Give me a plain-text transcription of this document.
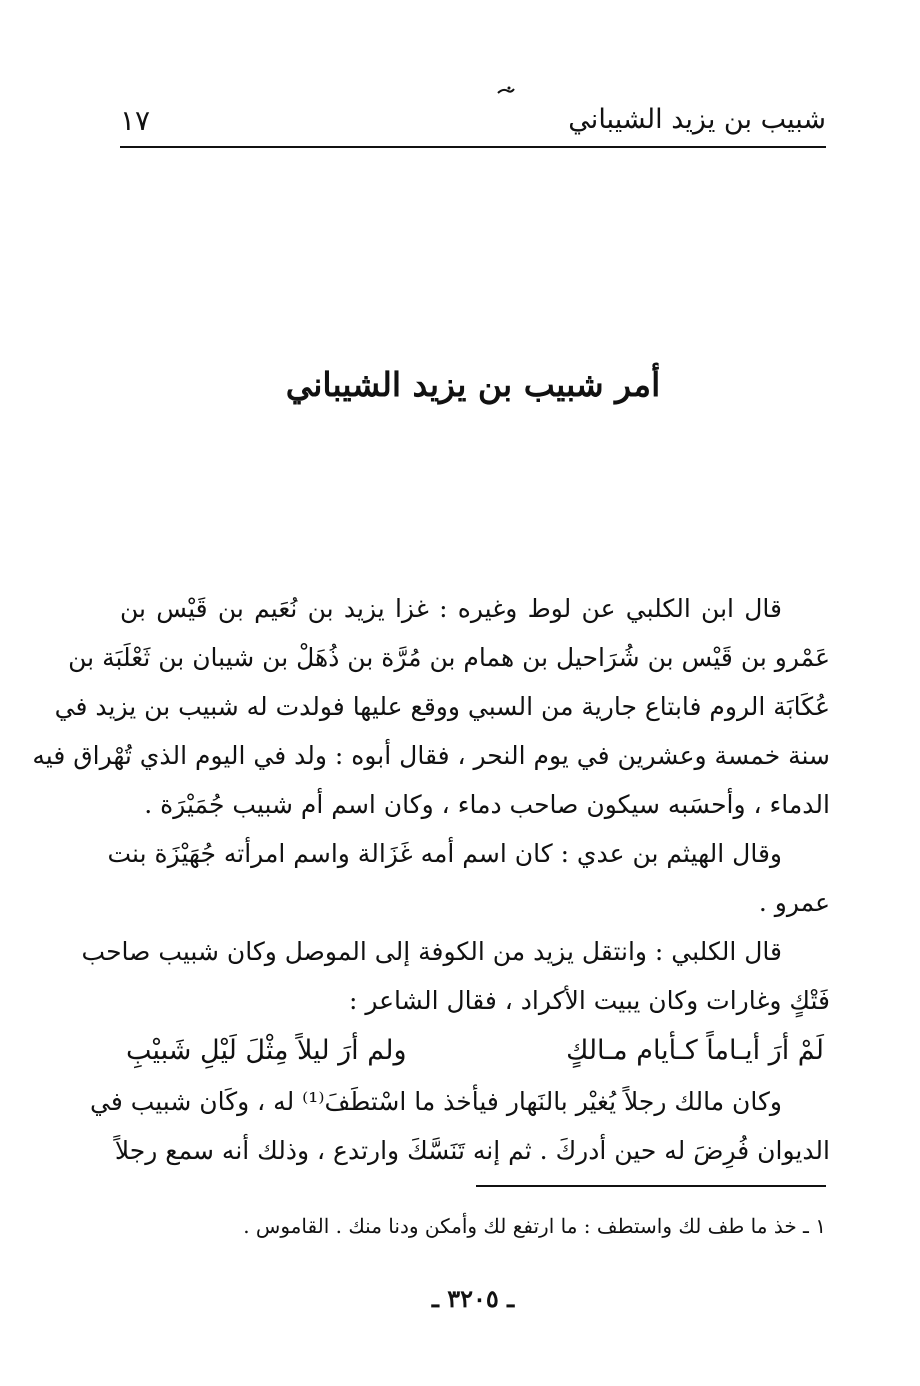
شبيب بن يزيد الشيباني
١٧
أمر شبيب بن يزيد الشيباني
قال ابن الكلبي عن لوط وغيره : غزا يزيد بن نُعَيم بن قَيْس بن
عَمْرو بن قَيْس بن شُرَاحيل بن همام بن مُرَّة بن ذُهَلْ بن شيبان بن ثَعْلَبَة بن
عُكَابَة الروم فابتاع جارية من السبي ووقع عليها فولدت له شبيب بن يزيد في
سنة خمسة وعشرين في يوم النحر ، فقال أبوه : ولد في اليوم الذي تُهْراق فيه
الدماء ، وأحسَبه سيكون صاحب دماء ، وكان اسم أم شبيب جُمَيْرَة .
وقال الهيثم بن عدي : كان اسم أمه غَزَالة واسم امرأته جُهَيْزَة بنت
عمرو .
قال الكلبي : وانتقل يزيد من الكوفة إلى الموصل وكان شبيب صاحب
فَتْكٍ وغارات وكان يبيت الأكراد ، فقال الشاعر :
لَمْ أرَ أيـاماً كـأيام مـالكٍ
ولم أرَ ليلاً مِثْلَ لَيْلِ شَبيْبِ
وكان مالك رجلاً يُغيْر بالنَهار فيأخذ ما اسْتطَفَ⁽¹⁾ له ، وكَان شبيب في
الديوان فُرِضَ له حين أدركَ . ثم إنه تَنَسَّكَ وارتدع ، وذلك أنه سمع رجلاً
١ ـ خذ ما طف لك واستطف : ما ارتفع لك وأمكن ودنا منك . القاموس .
ـ ٣٢٠٥ ـ
